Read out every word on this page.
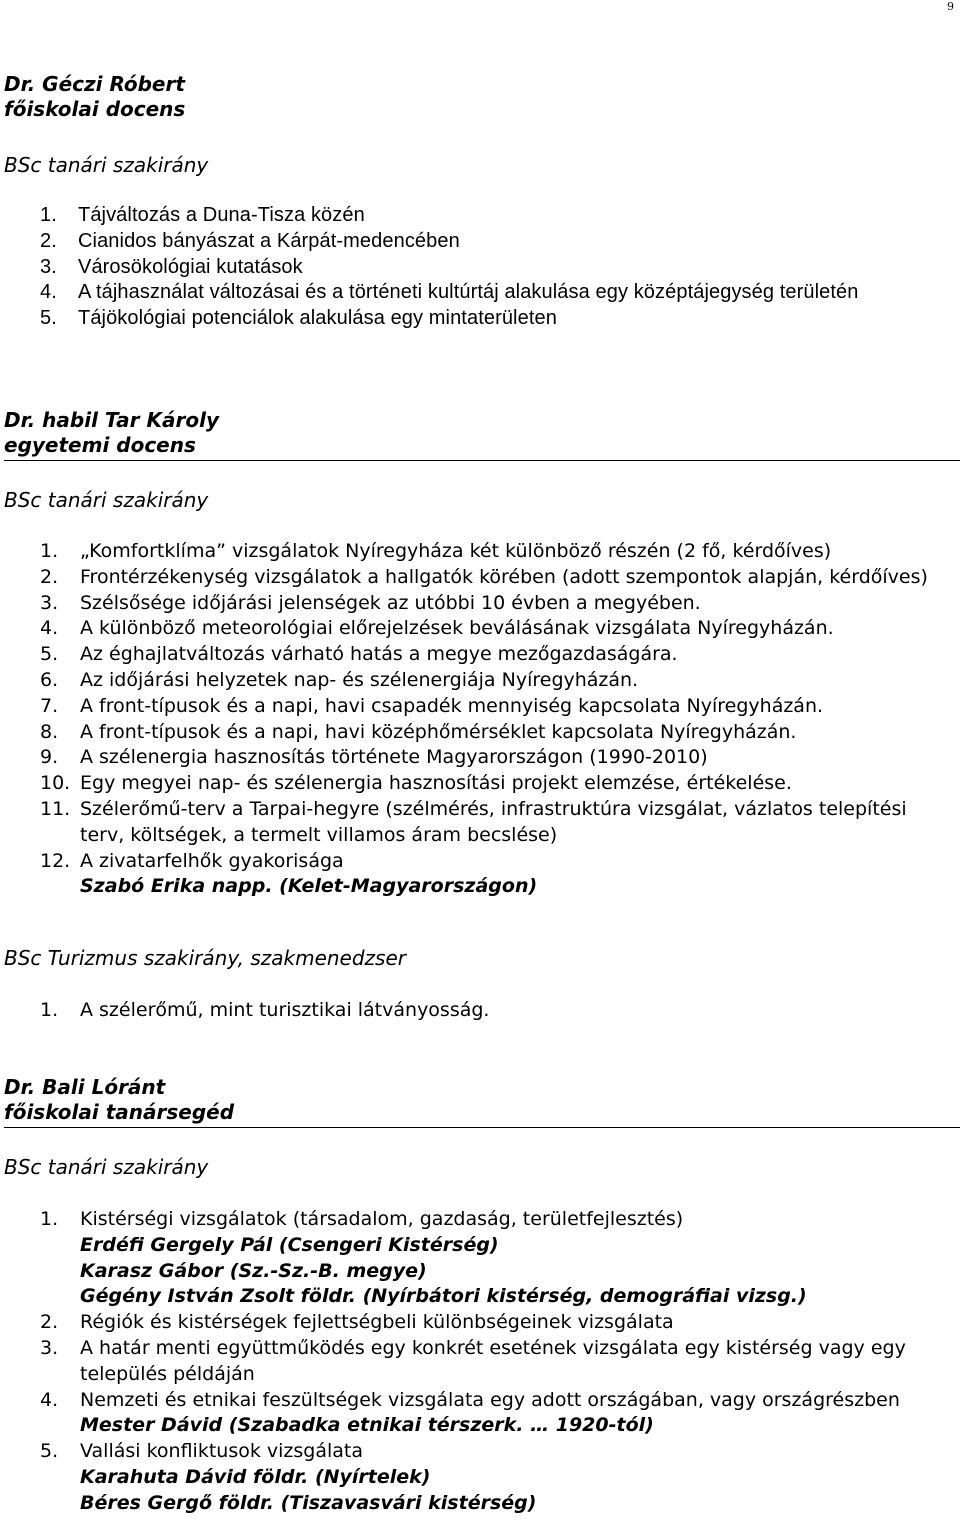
9

Dr. Géczi Róbert

főiskolai docens

BSc tanári szakirány

1. Tájváltozás a Duna-Tisza közén
2. Cianidos bányászat a Kárpát-medencében
3. Városökológiai kutatások
4. A tájhasználat változásai és a történeti kultúrtáj alakulása egy középtájegység területén
5. Tájökológiai potenciálok alakulása egy mintaterületen

Dr. habil Tar Károly

egyetemi docens

BSc tanári szakirány

1. „Komfortklíma” vizsgálatok Nyíregyháza két különböző részén (2 fő, kérdőíves)
2. Frontérzékenység vizsgálatok a hallgatók körében (adott szempontok alapján, kérdőíves)
3. Szélsősége időjárási jelenségek az utóbbi 10 évben a megyében.
4. A különböző meteorológiai előrejelzések beválásának vizsgálata Nyíregyházán.
5. Az éghajlatváltozás várható hatás a megye mezőgazdaságára.
6. Az időjárási helyzetek nap- és szélenergiája Nyíregyházán.
7. A front-típusok és a napi, havi csapadék mennyiség kapcsolata Nyíregyházán.
8. A front-típusok és a napi, havi középhőmérséklet kapcsolata Nyíregyházán.
9. A szélenergia hasznosítás története Magyarországon (1990-2010)
10. Egy megyei nap- és szélenergia hasznosítási projekt elemzése, értékelése.
11. Szélerőmű-terv a Tarpai-hegyre (szélmérés, infrastruktúra vizsgálat, vázlatos telepítési terv, költségek, a termelt villamos áram becslése)
12. A zivatarfelhők gyakorisága
Szabó Erika napp. (Kelet-Magyarországon)

BSc Turizmus szakirány, szakmenedzser

1. A szélerőmű, mint turisztikai látványosság.

Dr. Bali Lóránt

főiskolai tanársegéd

BSc tanári szakirány

1. Kistérségi vizsgálatok (társadalom, gazdaság, területfejlesztés)
Erdéfi Gergely Pál (Csengeri Kistérség)
Karasz Gábor (Sz.-Sz.-B. megye)
Gégény István Zsolt földr. (Nyírbátori kistérség, demográfiai vizsg.)
2. Régiók és kistérségek fejlettségbeli különbségeinek vizsgálata
3. A határ menti együttműködés egy konkrét esetének vizsgálata egy kistérség vagy egy település példáján
4. Nemzeti és etnikai feszültségek vizsgálata egy adott országában, vagy országrészben
Mester Dávid (Szabadka etnikai térszerk. … 1920-tól)
5. Vallási konfliktusok vizsgálata
Karahuta Dávid földr. (Nyírtelek)
Béres Gergő földr. (Tiszavasvári kistérség)
